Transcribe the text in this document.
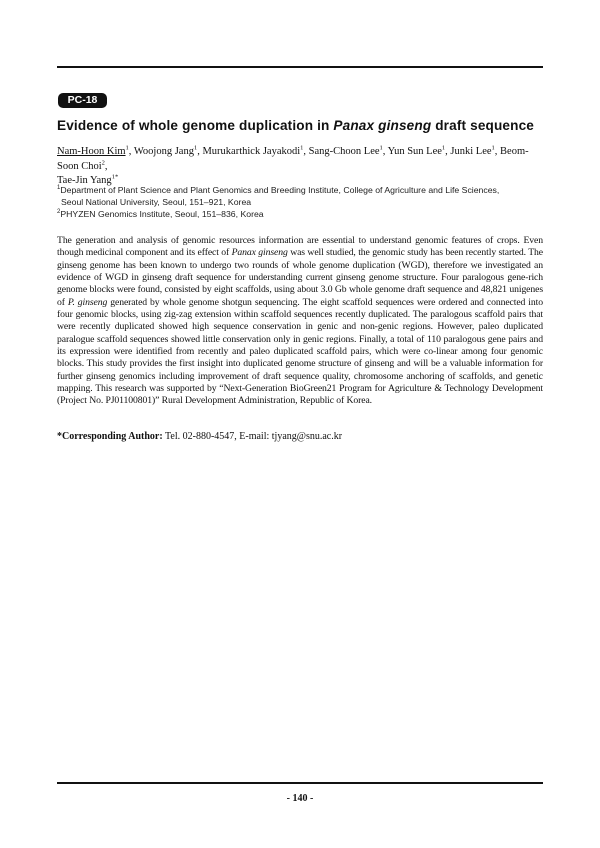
PC-18
Evidence of whole genome duplication in Panax ginseng draft sequence
Nam-Hoon Kim$^1$, Woojong Jang$^1$, Murukarthick Jayakodi$^1$, Sang-Choon Lee$^1$, Yun Sun Lee$^1$, Junki Lee$^1$, Beom-Soon Choi$^2$,
Tae-Jin Yang$^{1*}$
$^1$Department of Plant Science and Plant Genomics and Breeding Institute, College of Agriculture and Life Sciences,
Seoul National University, Seoul, 151–921, Korea
$^2$PHYZEN Genomics Institute, Seoul, 151–836, Korea
The generation and analysis of genomic resources information are essential to understand genomic features of crops. Even though medicinal component and its effect of Panax ginseng was well studied, the genomic study has been recently started. The ginseng genome has been known to undergo two rounds of whole genome duplication (WGD), therefore we investigated an evidence of WGD in ginseng draft sequence for understanding current ginseng genome structure. Four paralogous gene-rich genome blocks were found, consisted by eight scaffolds, using about 3.0 Gb whole genome draft sequence and 48,821 unigenes of P. ginseng generated by whole genome shotgun sequencing. The eight scaffold sequences were ordered and connected into four genomic blocks, using zig-zag extension within scaffold sequences recently duplicated. The paralogous scaffold pairs that were recently duplicated showed high sequence conservation in genic and non-genic regions. However, paleo duplicated paralogue scaffold sequences showed little conservation only in genic regions. Finally, a total of 110 paralogous gene pairs and its expression were identified from recently and paleo duplicated scaffold pairs, which were co-linear among four genomic blocks. This study provides the first insight into duplicated genome structure of ginseng and will be a valuable information for further ginseng genomics including improvement of draft sequence quality, chromosome anchoring of scaffolds, and genetic mapping. This research was supported by “Next-Generation BioGreen21 Program for Agriculture & Technology Development (Project No. PJ01100801)” Rural Development Administration, Republic of Korea.
*Corresponding Author: Tel. 02-880-4547, E-mail: tjyang@snu.ac.kr
- 140 -
